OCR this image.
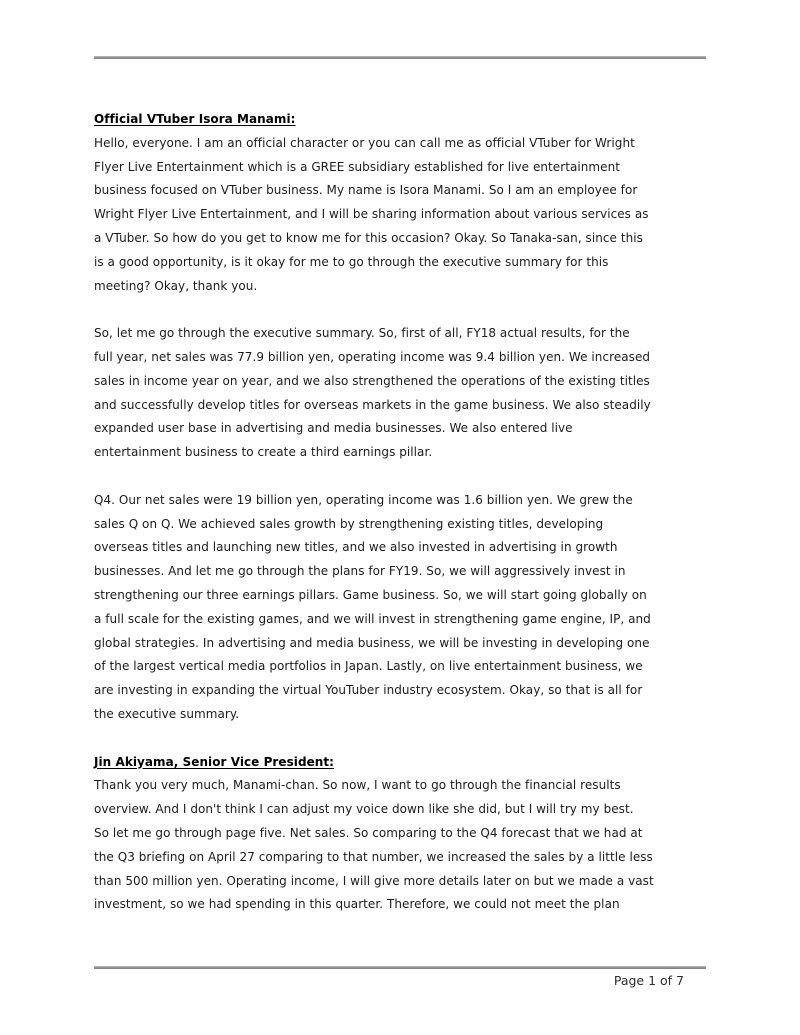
Official VTuber Isora Manami:
Hello, everyone. I am an official character or you can call me as official VTuber for Wright
Flyer Live Entertainment which is a GREE subsidiary established for live entertainment
business focused on VTuber business. My name is Isora Manami. So I am an employee for
Wright Flyer Live Entertainment, and I will be sharing information about various services as
a VTuber. So how do you get to know me for this occasion? Okay. So Tanaka-san, since this
is a good opportunity, is it okay for me to go through the executive summary for this
meeting? Okay, thank you.
So, let me go through the executive summary. So, first of all, FY18 actual results, for the
full year, net sales was 77.9 billion yen, operating income was 9.4 billion yen. We increased
sales in income year on year, and we also strengthened the operations of the existing titles
and successfully develop titles for overseas markets in the game business. We also steadily
expanded user base in advertising and media businesses. We also entered live
entertainment business to create a third earnings pillar.
Q4. Our net sales were 19 billion yen, operating income was 1.6 billion yen. We grew the
sales Q on Q. We achieved sales growth by strengthening existing titles, developing
overseas titles and launching new titles, and we also invested in advertising in growth
businesses. And let me go through the plans for FY19. So, we will aggressively invest in
strengthening our three earnings pillars. Game business. So, we will start going globally on
a full scale for the existing games, and we will invest in strengthening game engine, IP, and
global strategies. In advertising and media business, we will be investing in developing one
of the largest vertical media portfolios in Japan. Lastly, on live entertainment business, we
are investing in expanding the virtual YouTuber industry ecosystem. Okay, so that is all for
the executive summary.
Jin Akiyama, Senior Vice President:
Thank you very much, Manami-chan. So now, I want to go through the financial results
overview. And I don't think I can adjust my voice down like she did, but I will try my best.
So let me go through page five. Net sales. So comparing to the Q4 forecast that we had at
the Q3 briefing on April 27 comparing to that number, we increased the sales by a little less
than 500 million yen. Operating income, I will give more details later on but we made a vast
investment, so we had spending in this quarter. Therefore, we could not meet the plan
Page 1 of 7
